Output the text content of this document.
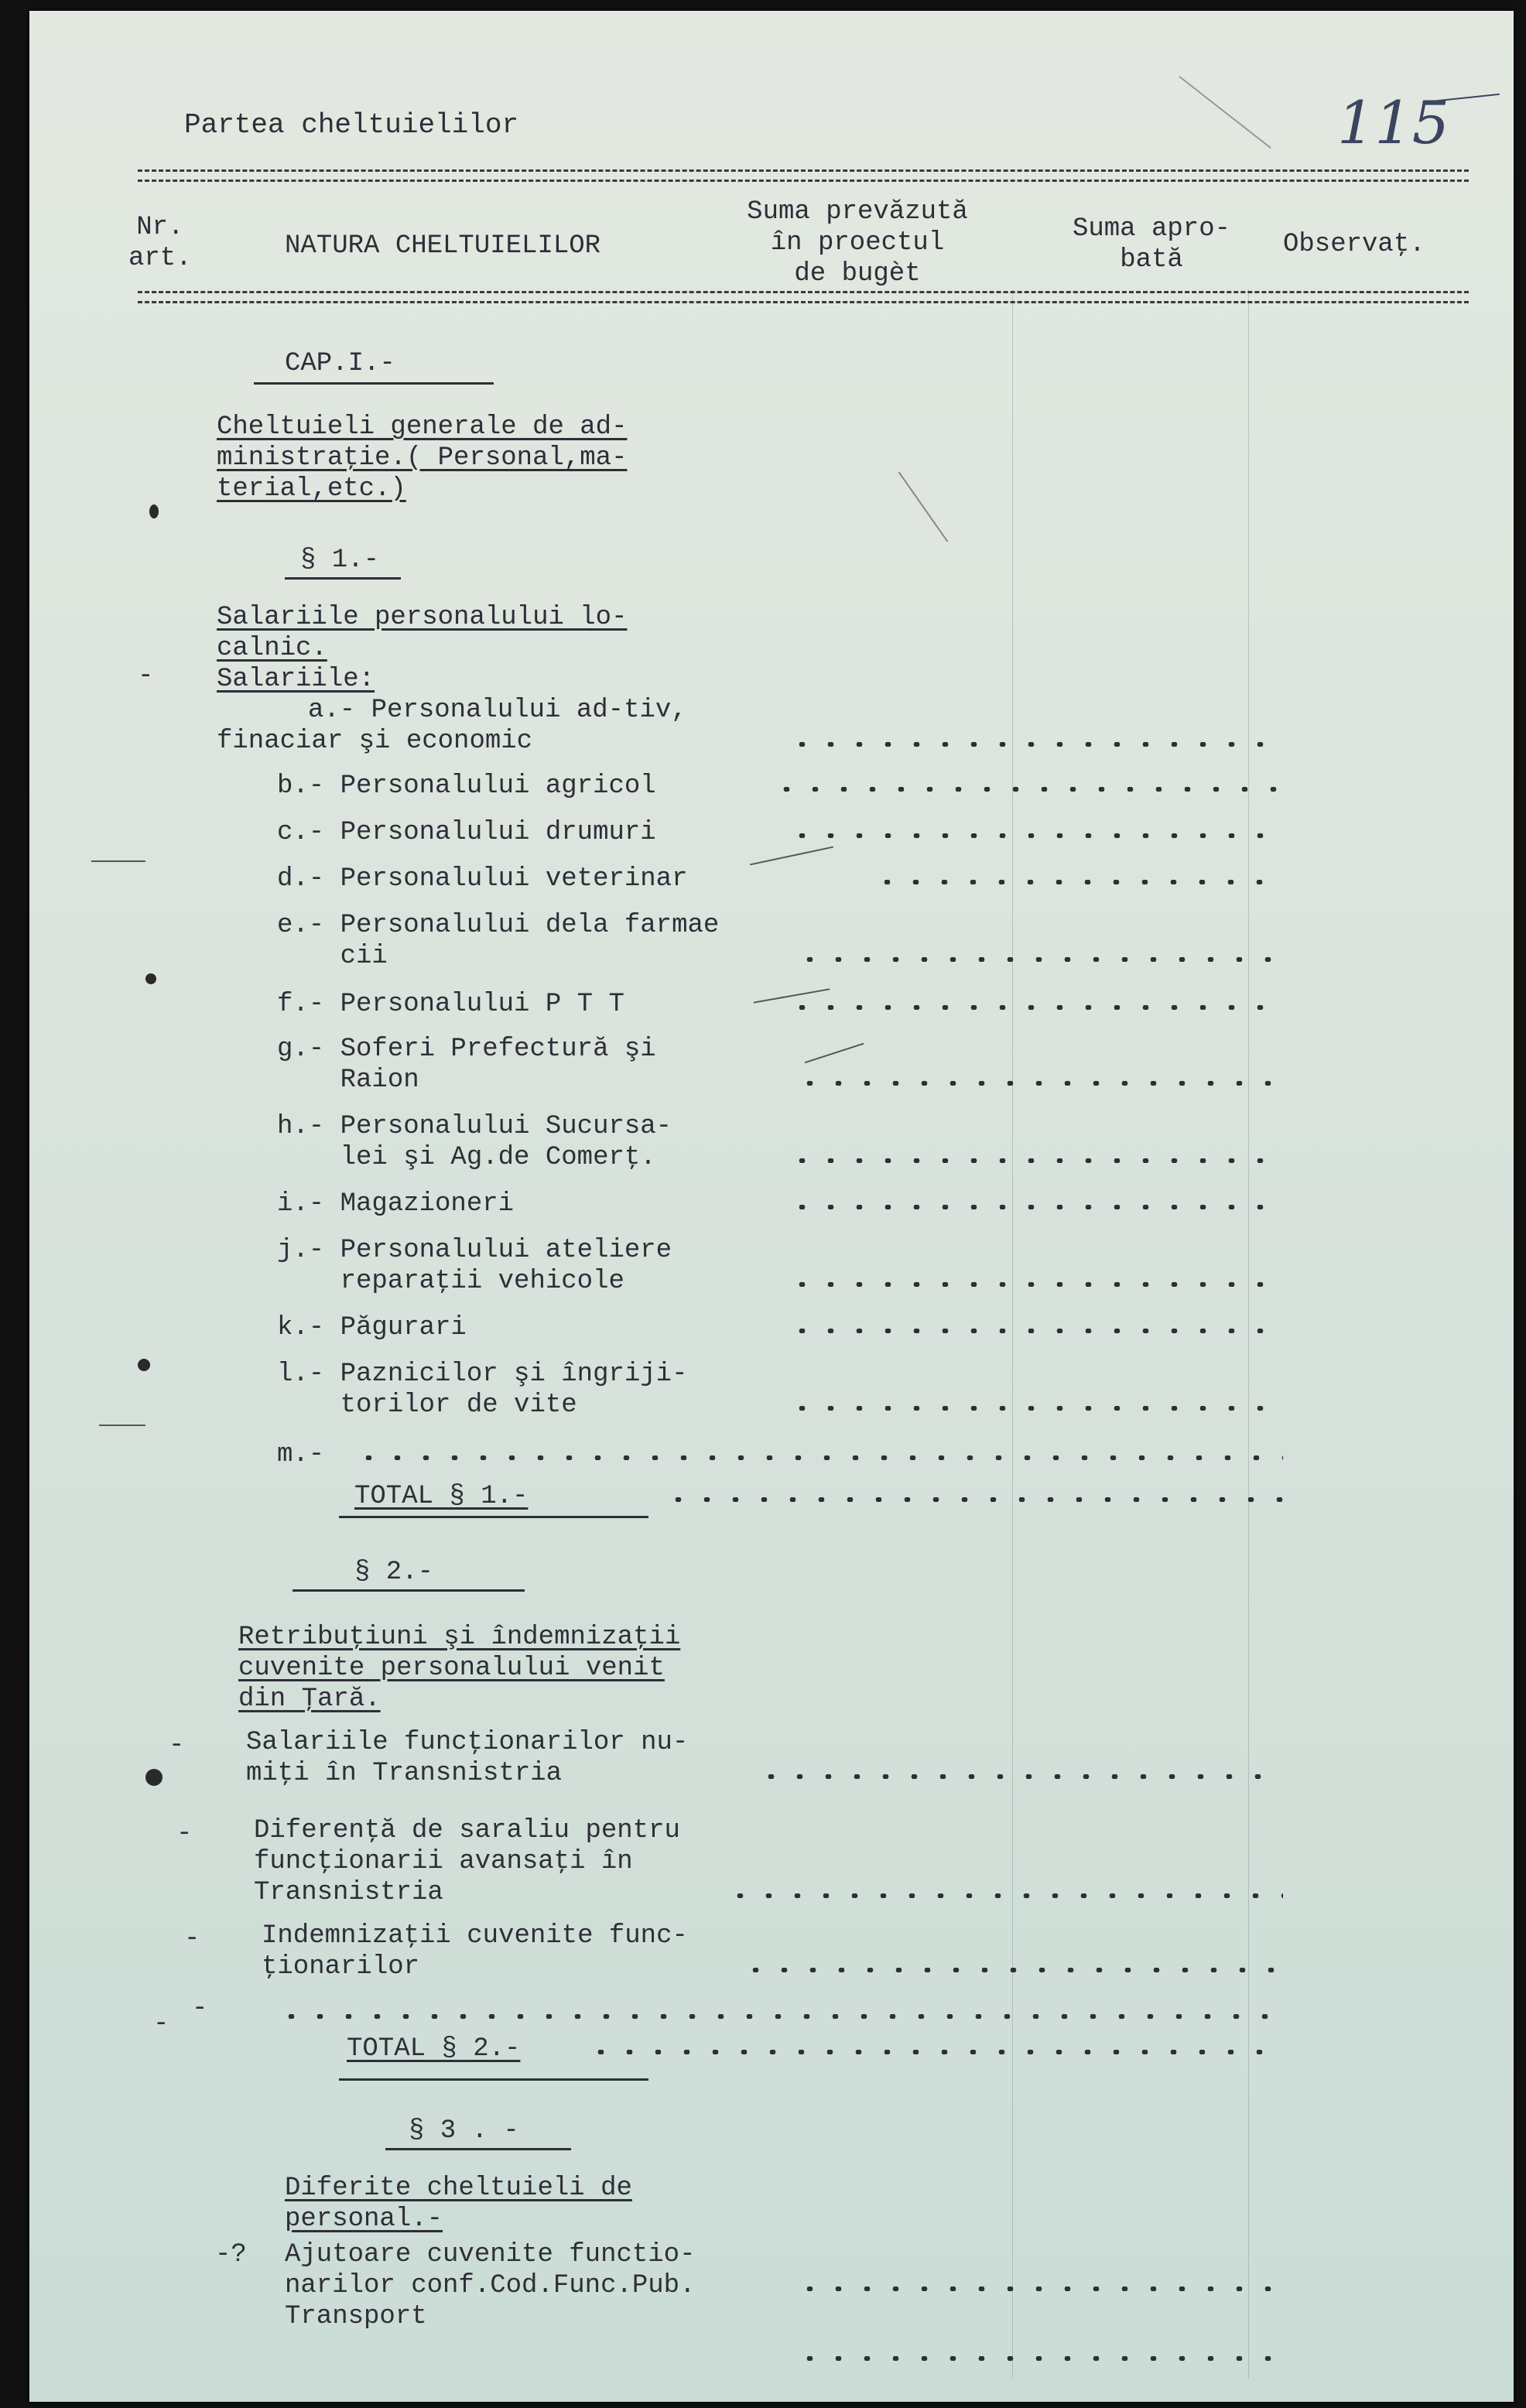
Partea cheltuielilor	115
Nr.
art.	NATURA CHELTUIELILOR
Suma prevăzută
în proectul
de bugèt
Suma apro-
bată
Observaţ.
CAP.I.-
Cheltuieli generale de ad-
ministraţie.( Personal,ma-
terial,etc.)
§ 1.-
Salariile personalului lo-
calnic.
Salariile:
a.- Personalului ad-tiv,
finaciar şi economic
b.- Personalului agricol
c.- Personalului drumuri
d.- Personalului veterinar
e.- Personalului dela farmae
cii
f.- Personalului P T T
g.- Soferi Prefectură şi
Raion
h.- Personalului Sucursa-
lei şi Ag.de Comerţ.
i.- Magazioneri
j.- Personalului ateliere
reparaţii vehicole
k.- Păgurari
l.- Paznicilor şi îngriji-
torilor de vite
m.-
TOTAL § 1.-
§ 2.-
Retribuţiuni şi îndemnizaţii
cuvenite personalului venit
din Ţară.
Salariile funcţionarilor nu-
miţi în Transnistria
Diferenţă de saraliu pentru
funcţionarii avansaţi în
Transnistria
Indemnizaţii cuvenite func-
ţionarilor
TOTAL § 2.-
§ 3 . -
Diferite cheltuieli de
personal.-
Ajutoare cuvenite functio-
narilor conf.Cod.Func.Pub.
Transport
-
-
-
-
-
-
-?
